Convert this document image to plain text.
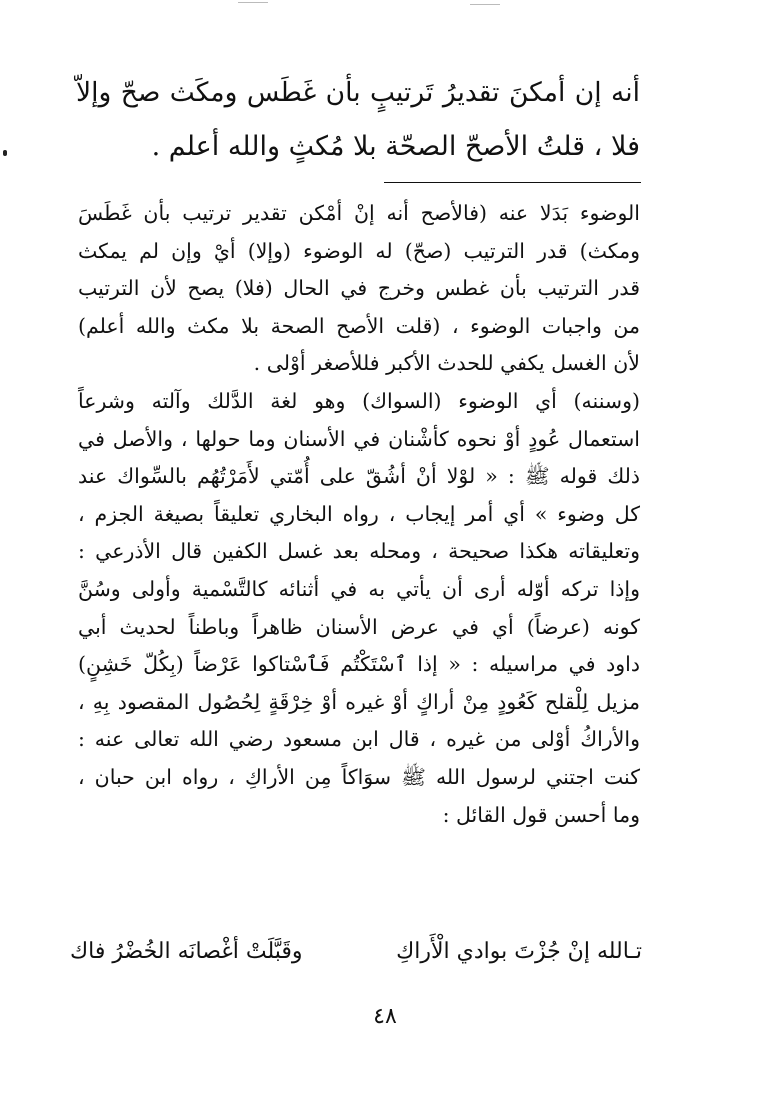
أنه إن أمكنَ تقديرُ تَرتيبٍ بأن غَطَس ومكَث صحّ وإلاّ
فلا ، قلتُ الأصحّ الصحّة بلا مُكثٍ والله أعلم .
الوضوء بَدَلا عنه (فالأصح أنه إنْ أمْكن تقدير ترتيب بأن غَطَسَ
ومكث) قدر الترتيب (صحّ) له الوضوء (وإلا) أيْ وإن لم يمكث
قدر الترتيب بأن غطس وخرج في الحال (فلا) يصح لأن الترتيب
من واجبات الوضوء ، (قلت الأصح الصحة بلا مكث والله أعلم)
لأن الغسل يكفي للحدث الأكبر فللأصغر أوْلى .
(وسننه) أي الوضوء (السواك) وهو لغة الدَّلك وآلته وشرعاً
استعمال عُودٍ أوْ نحوه كأشْنان في الأسنان وما حولها ، والأصل في
ذلك قوله ﷺ : « لوْلا أنْ أشُقّ على أُمّتي لأَمَرْتُهُم بالسِّواك عند
كل وضوء » أي أمر إيجاب ، رواه البخاري تعليقاً بصيغة الجزم ،
وتعليقاته هكذا صحيحة ، ومحله بعد غسل الكفين قال الأذرعي :
وإذا تركه أوّله أرى أن يأتي به في أثنائه كالتَّسْمية وأولى وسُنَّ
كونه (عرضاً) أي في عرض الأسنان ظاهراً وباطناً لحديث أبي
داود في مراسيله : « إذا ٱسْتَكْتُم فَٱسْتاكوا عَرْضاً (بِكُلّ خَشِنٍ)
مزيل لِلْقلح كَعُودٍ مِنْ أراكٍ أوْ غيره أوْ خِرْقَةٍ لِحُصُول المقصود بِهِ ،
والأراكُ أوْلى من غيره ، قال ابن مسعود رضي الله تعالى عنه :
كنت اجتني لرسول الله ﷺ سوَاكاً مِن الأراكِ ، رواه ابن حبان ،
وما أحسن قول القائل :
تـالله إنْ جُزْتَ بوادي الْأَراكِ
وقَبَّلَتْ أغْصانَه الخُضْرُ فاك
٤٨
